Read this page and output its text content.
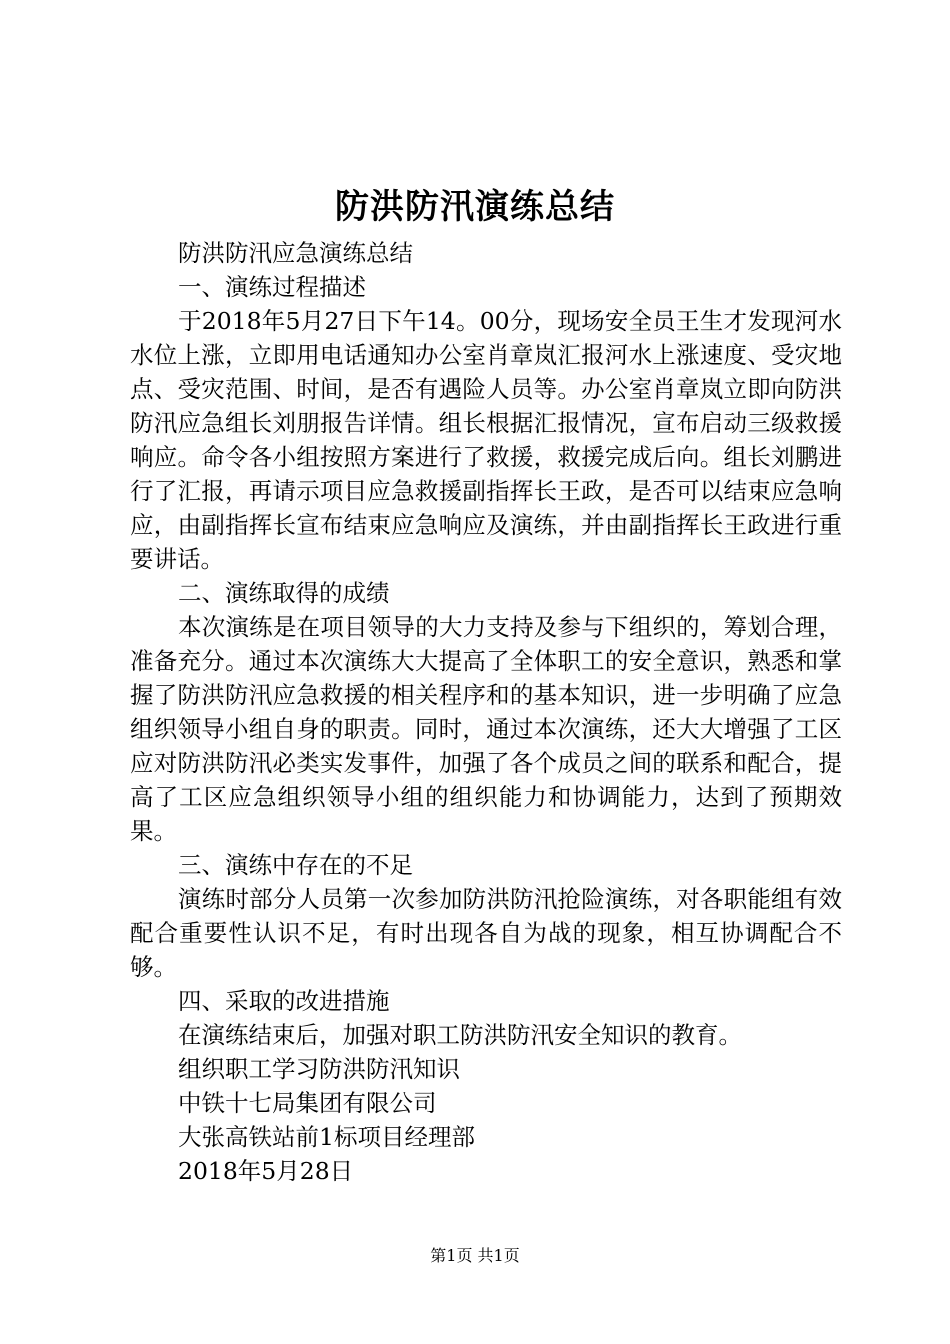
防洪防汛演练总结

防洪防汛应急演练总结

一、演练过程描述

于2018年5月27日下午14。00分，现场安全员王生才发现河水水位上涨，立即用电话通知办公室肖章岚汇报河水上涨速度、受灾地点、受灾范围、时间，是否有遇险人员等。办公室肖章岚立即向防洪防汛应急组长刘朋报告详情。组长根据汇报情况，宣布启动三级救援响应。命令各小组按照方案进行了救援，救援完成后向。组长刘鹏进行了汇报，再请示项目应急救援副指挥长王政，是否可以结束应急响应，由副指挥长宣布结束应急响应及演练，并由副指挥长王政进行重要讲话。

二、演练取得的成绩

本次演练是在项目领导的大力支持及参与下组织的，筹划合理，准备充分。通过本次演练大大提高了全体职工的安全意识，熟悉和掌握了防洪防汛应急救援的相关程序和的基本知识，进一步明确了应急组织领导小组自身的职责。同时，通过本次演练，还大大增强了工区应对防洪防汛必类实发事件，加强了各个成员之间的联系和配合，提高了工区应急组织领导小组的组织能力和协调能力，达到了预期效果。

三、演练中存在的不足

演练时部分人员第一次参加防洪防汛抢险演练，对各职能组有效配合重要性认识不足，有时出现各自为战的现象，相互协调配合不够。

四、采取的改进措施

在演练结束后，加强对职工防洪防汛安全知识的教育。

组织职工学习防洪防汛知识

中铁十七局集团有限公司

大张高铁站前1标项目经理部

2018年5月28日

第1页 共1页
